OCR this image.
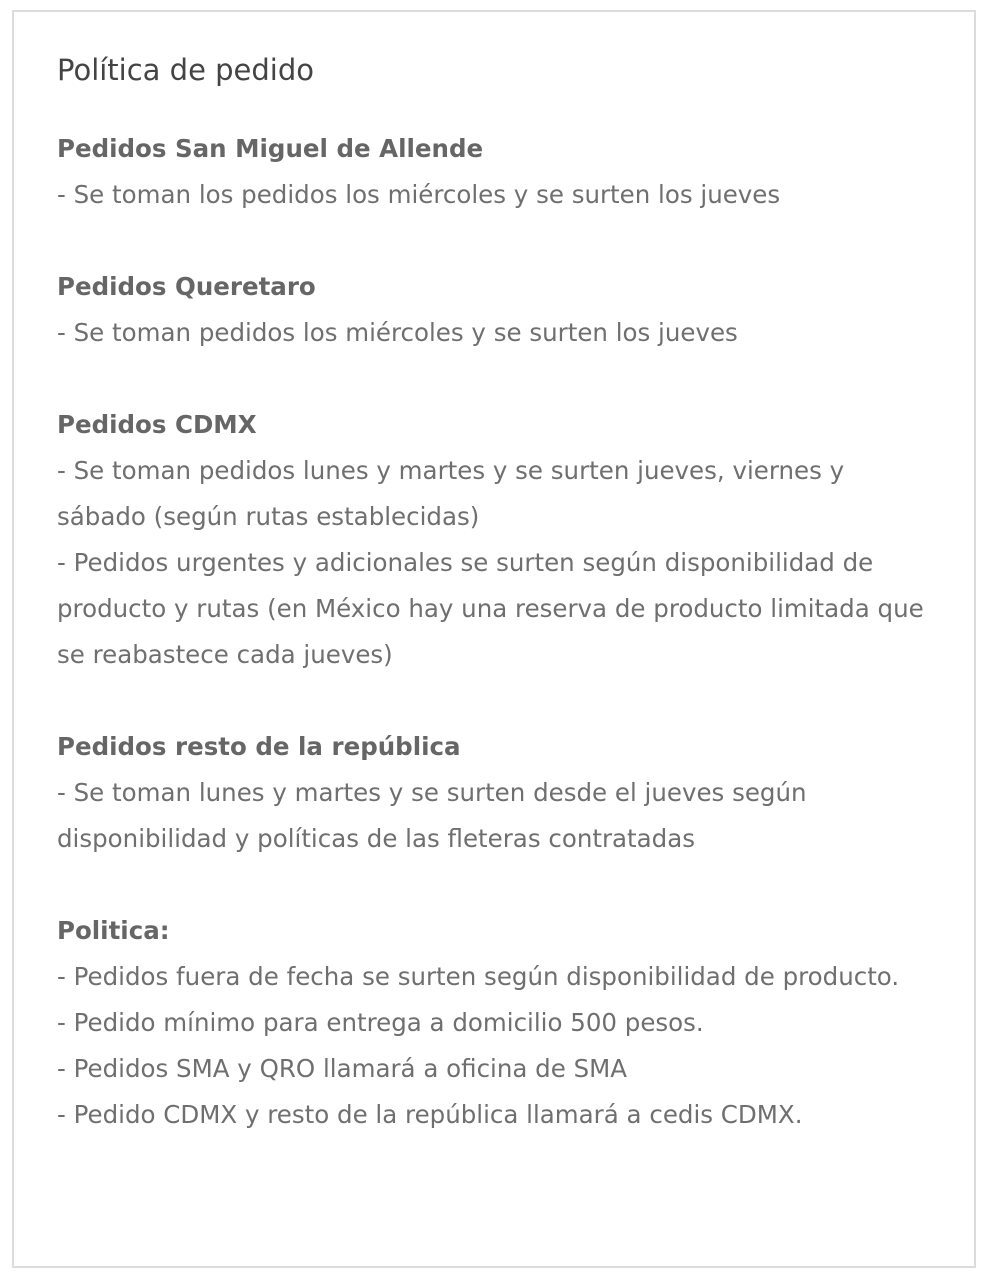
Política de pedido
Pedidos San Miguel de Allende
- Se toman los pedidos los miércoles y se surten los jueves
Pedidos Queretaro
- Se toman pedidos los miércoles y se surten los jueves
Pedidos CDMX
- Se toman pedidos lunes y martes y se surten jueves, viernes y sábado (según rutas establecidas)
- Pedidos urgentes y adicionales se surten según disponibilidad de producto y rutas (en México hay una reserva de producto limitada que se reabastece cada jueves)
Pedidos resto de la república
- Se toman lunes y martes y se surten desde el jueves según disponibilidad y políticas de las fleteras contratadas
Politica:
- Pedidos fuera de fecha se surten según disponibilidad de producto.
- Pedido mínimo para entrega a domicilio 500 pesos.
- Pedidos SMA y QRO llamará a oficina de SMA
- Pedido CDMX y resto de la república llamará a cedis CDMX.
